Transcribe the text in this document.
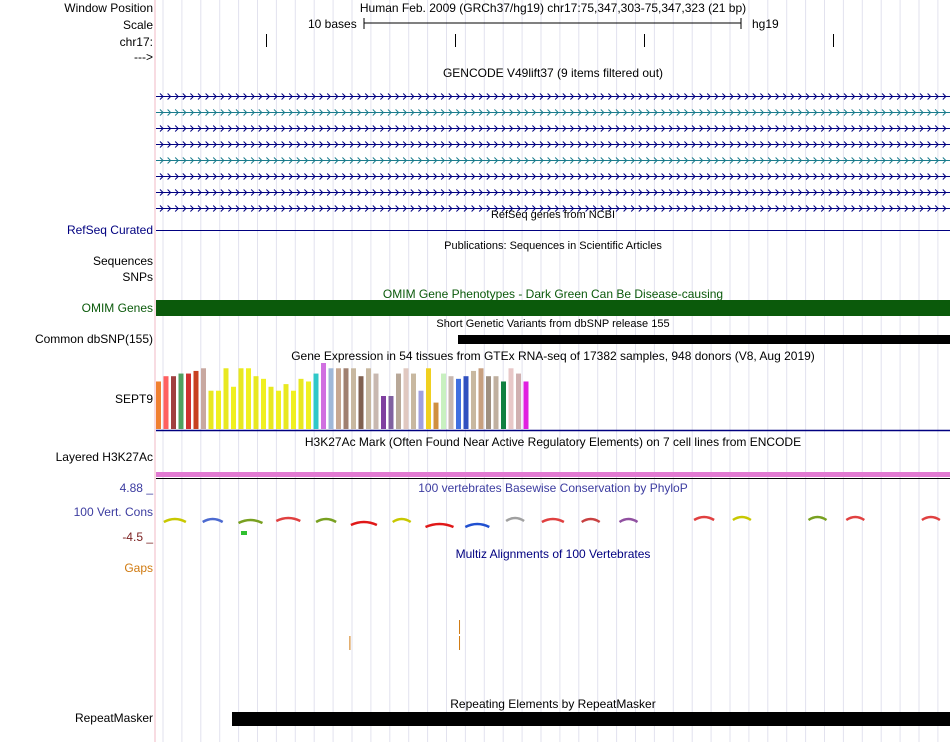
Window Position	Human Feb. 2009 (GRCh37/hg19) chr17:75,347,303-75,347,323 (21 bp)
Scale	10 bases	hg19
chr17:
--->
GENCODE V49lift37 (9 items filtered out)
RefSeq genes from NCBI
RefSeq Curated
Publications: Sequences in Scientific Articles
Sequences
SNPs
OMIM Gene Phenotypes - Dark Green Can Be Disease-causing
OMIM Genes
Short Genetic Variants from dbSNP release 155
Common dbSNP(155)
Gene Expression in 54 tissues from GTEx RNA-seq of 17382 samples, 948 donors (V8, Aug 2019)
SEPT9
H3K27Ac Mark (Often Found Near Active Regulatory Elements) on 7 cell lines from ENCODE
Layered H3K27Ac
100 vertebrates Basewise Conservation by PhyloP
4.88 _
100 Vert. Cons
-4.5 _
Multiz Alignments of 100 Vertebrates
Gaps
Repeating Elements by RepeatMasker
RepeatMasker
